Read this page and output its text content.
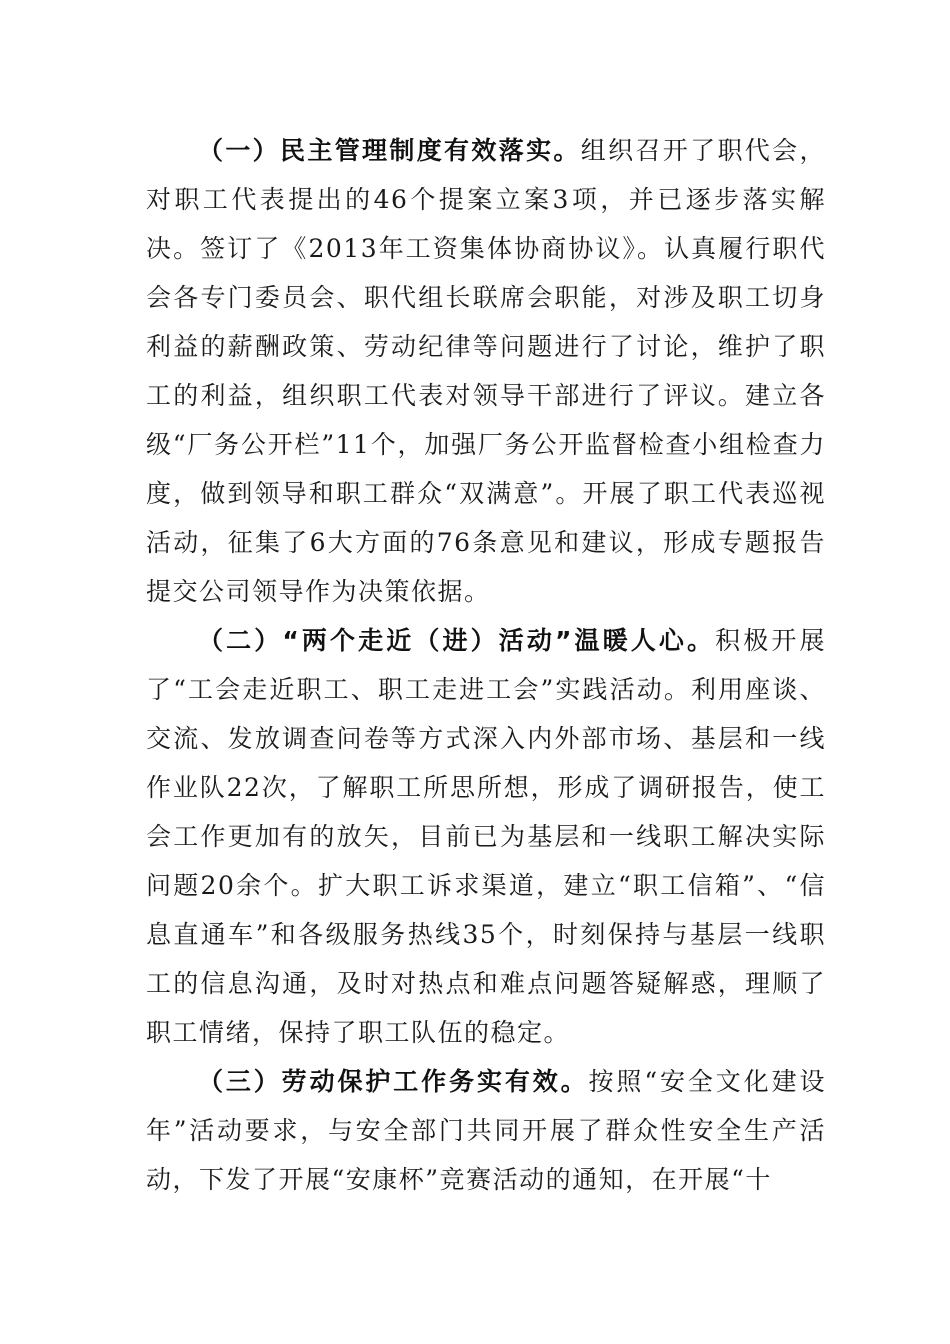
（一）民主管理制度有效落实。组织召开了职代会，对职工代表提出的46个提案立案3项，并已逐步落实解决。签订了《2013年工资集体协商协议》。认真履行职代会各专门委员会、职代组长联席会职能，对涉及职工切身利益的薪酬政策、劳动纪律等问题进行了讨论，维护了职工的利益，组织职工代表对领导干部进行了评议。建立各级“厂务公开栏”11个，加强厂务公开监督检查小组检查力度，做到领导和职工群众“双满意”。开展了职工代表巡视活动，征集了6大方面的76条意见和建议，形成专题报告提交公司领导作为决策依据。

（二）“两个走近（进）活动”温暖人心。积极开展了“工会走近职工、职工走进工会”实践活动。利用座谈、交流、发放调查问卷等方式深入内外部市场、基层和一线作业队22次，了解职工所思所想，形成了调研报告，使工会工作更加有的放矢，目前已为基层和一线职工解决实际问题20余个。扩大职工诉求渠道，建立“职工信箱”、“信息直通车”和各级服务热线35个，时刻保持与基层一线职工的信息沟通，及时对热点和难点问题答疑解惑，理顺了职工情绪，保持了职工队伍的稳定。

（三）劳动保护工作务实有效。按照“安全文化建设年”活动要求，与安全部门共同开展了群众性安全生产活动，下发了开展“安康杯”竞赛活动的通知，在开展“十
